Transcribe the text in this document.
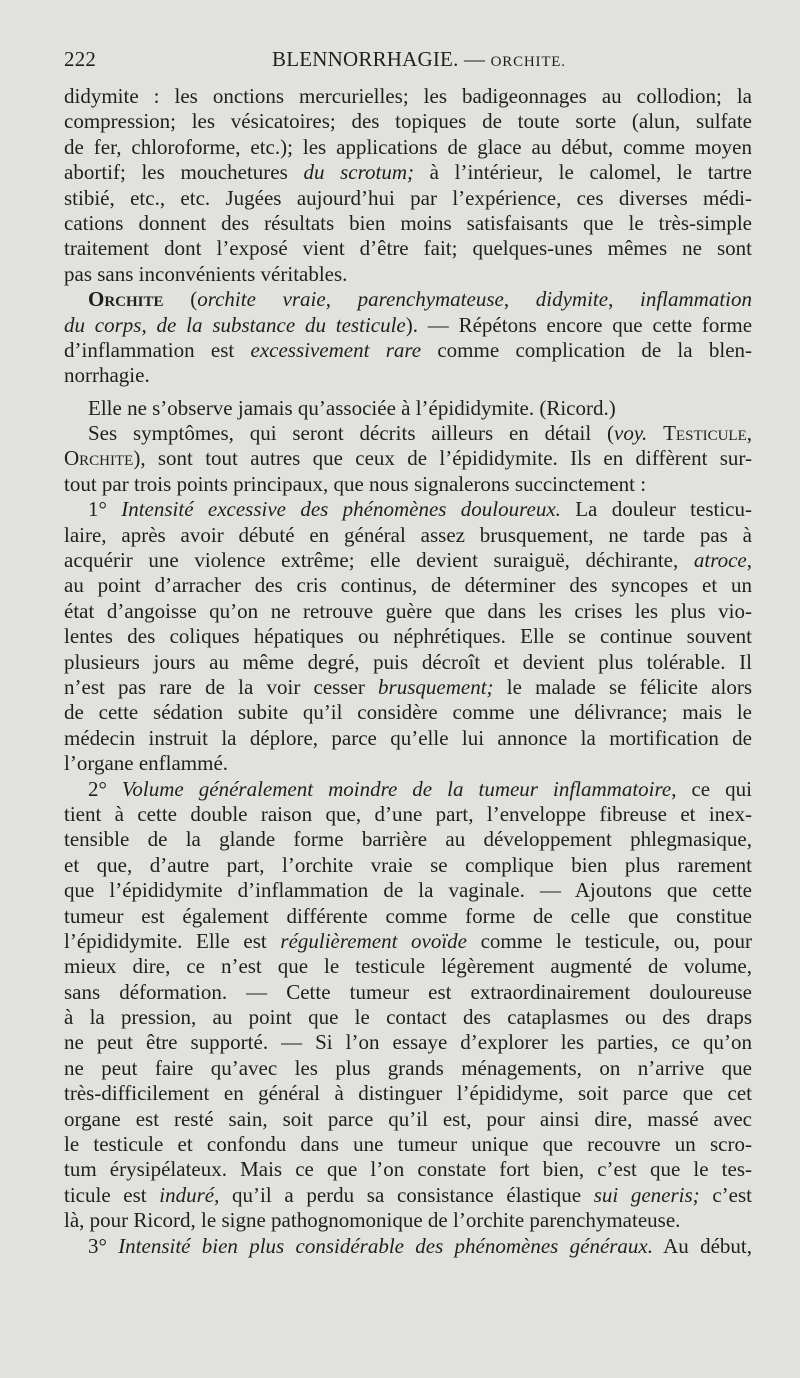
222	BLENNORRHAGIE. — ORCHITE.
didymite : les onctions mercurielles; les badigeonnages au collodion; la
compression; les vésicatoires; des topiques de toute sorte (alun, sulfate
de fer, chloroforme, etc.); les applications de glace au début, comme moyen
abortif; les mouchetures du scrotum; à l’intérieur, le calomel, le tartre
stibié, etc., etc. Jugées aujourd’hui par l’expérience, ces diverses médi-
cations donnent des résultats bien moins satisfaisants que le très-simple
traitement dont l’exposé vient d’être fait; quelques-unes mêmes ne sont
pas sans inconvénients véritables.
Orchite (orchite vraie, parenchymateuse, didymite, inflammation
du corps, de la substance du testicule). — Répétons encore que cette forme
d’inflammation est excessivement rare comme complication de la blen-
norrhagie.
Elle ne s’observe jamais qu’associée à l’épididymite. (Ricord.)
Ses symptômes, qui seront décrits ailleurs en détail (voy. Testicule,
Orchite), sont tout autres que ceux de l’épididymite. Ils en diffèrent sur-
tout par trois points principaux, que nous signalerons succinctement :
1° Intensité excessive des phénomènes douloureux. La douleur testicu-
laire, après avoir débuté en général assez brusquement, ne tarde pas à
acquérir une violence extrême; elle devient suraiguë, déchirante, atroce,
au point d’arracher des cris continus, de déterminer des syncopes et un
état d’angoisse qu’on ne retrouve guère que dans les crises les plus vio-
lentes des coliques hépatiques ou néphrétiques. Elle se continue souvent
plusieurs jours au même degré, puis décroît et devient plus tolérable. Il
n’est pas rare de la voir cesser brusquement; le malade se félicite alors
de cette sédation subite qu’il considère comme une délivrance; mais le
médecin instruit la déplore, parce qu’elle lui annonce la mortification de
l’organe enflammé.
2° Volume généralement moindre de la tumeur inflammatoire, ce qui
tient à cette double raison que, d’une part, l’enveloppe fibreuse et inex-
tensible de la glande forme barrière au développement phlegmasique,
et que, d’autre part, l’orchite vraie se complique bien plus rarement
que l’épididymite d’inflammation de la vaginale. — Ajoutons que cette
tumeur est également différente comme forme de celle que constitue
l’épididymite. Elle est régulièrement ovoïde comme le testicule, ou, pour
mieux dire, ce n’est que le testicule légèrement augmenté de volume,
sans déformation. — Cette tumeur est extraordinairement douloureuse
à la pression, au point que le contact des cataplasmes ou des draps
ne peut être supporté. — Si l’on essaye d’explorer les parties, ce qu’on
ne peut faire qu’avec les plus grands ménagements, on n’arrive que
très-difficilement en général à distinguer l’épididyme, soit parce que cet
organe est resté sain, soit parce qu’il est, pour ainsi dire, massé avec
le testicule et confondu dans une tumeur unique que recouvre un scro-
tum érysipélateux. Mais ce que l’on constate fort bien, c’est que le tes-
ticule est induré, qu’il a perdu sa consistance élastique sui generis; c’est
là, pour Ricord, le signe pathognomonique de l’orchite parenchymateuse.
3° Intensité bien plus considérable des phénomènes généraux. Au début,
